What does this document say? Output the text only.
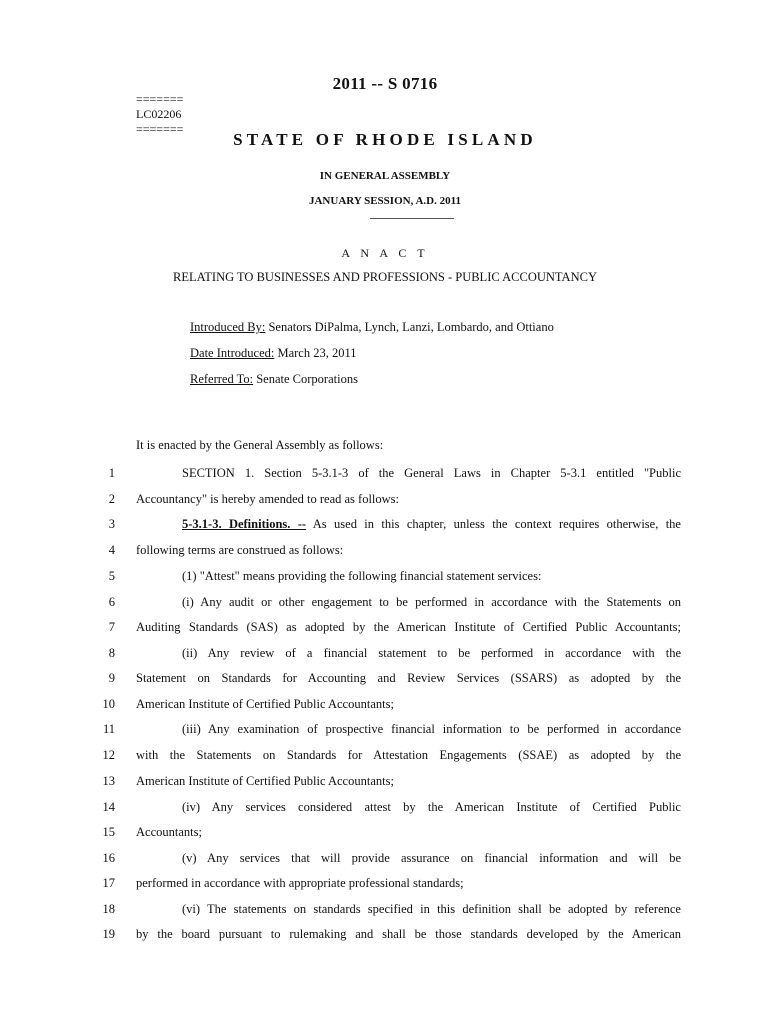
2011 -- S 0716
=======
LC02206
=======
STATE OF RHODE ISLAND
IN GENERAL ASSEMBLY
JANUARY SESSION, A.D. 2011
A N A C T
RELATING TO BUSINESSES AND PROFESSIONS - PUBLIC ACCOUNTANCY
Introduced By: Senators DiPalma, Lynch, Lanzi, Lombardo, and Ottiano
Date Introduced: March 23, 2011
Referred To: Senate Corporations
It is enacted by the General Assembly as follows:
1	SECTION 1. Section 5-3.1-3 of the General Laws in Chapter 5-3.1 entitled "Public
2 Accountancy" is hereby amended to read as follows:
3	5-3.1-3. Definitions. -- As used in this chapter, unless the context requires otherwise, the
4 following terms are construed as follows:
5	(1) "Attest" means providing the following financial statement services:
6	(i) Any audit or other engagement to be performed in accordance with the Statements on
7 Auditing Standards (SAS) as adopted by the American Institute of Certified Public Accountants;
8	(ii) Any review of a financial statement to be performed in accordance with the
9 Statement on Standards for Accounting and Review Services (SSARS) as adopted by the
10 American Institute of Certified Public Accountants;
11	(iii) Any examination of prospective financial information to be performed in accordance
12 with the Statements on Standards for Attestation Engagements (SSAE) as adopted by the
13 American Institute of Certified Public Accountants;
14	(iv) Any services considered attest by the American Institute of Certified Public
15 Accountants;
16	(v) Any services that will provide assurance on financial information and will be
17 performed in accordance with appropriate professional standards;
18	(vi) The statements on standards specified in this definition shall be adopted by reference
19 by the board pursuant to rulemaking and shall be those standards developed by the American
